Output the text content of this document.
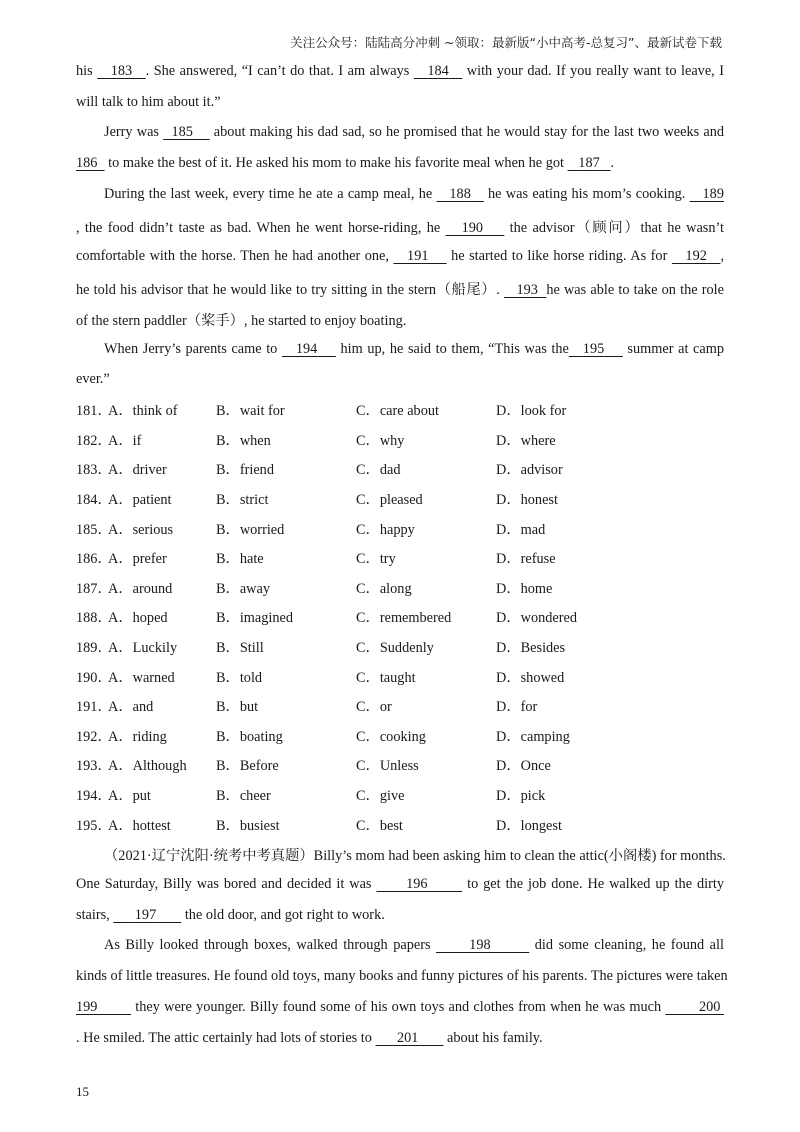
关注公众号：陆陆高分冲刺 ~领取：最新版“小中高考-总复习”、最新试卷下载
his    183 . She answered, “I can’t do that. I am always    184    with your dad. If you really want to leave, I
will talk to him about it.”
Jerry was   185     about making his dad sad, so he promised that he would stay for the last two weeks and
186   to make the best of it. He asked his mom to make his favorite meal when he got    187 .
During the last week, every time he ate a camp meal, he    188    he was eating his mom’s cooking.    189
, the food didn’t taste as bad. When he went horse-riding, he    190     the advisor（顾问）that he wasn’t
comfortable with the horse. Then he had another one,    191     he started to like horse riding. As for    192 ,
he told his advisor that he would like to try sitting in the stern（船尾）.    193 he was able to take on the role
of the stern paddler（桨手）, he started to enjoy boating.
When Jerry’s parents came to    194     him up, he said to them, “This was the 195     summer at camp
ever.”
181．
A．think of	B．wait for	C．care about	D．look for
182．
A．if	B．when	C．why	D．where
183．
A．driver	B．friend	C．dad	D．advisor
184．
A．patient	B．strict	C．pleased	D．honest
185．
A．serious	B．worried	C．happy	D．mad
186．
A．prefer	B．hate	C．try	D．refuse
187．
A．around	B．away	C．along	D．home
188．
A．hoped	B．imagined	C．remembered	D．wondered
189．
A．Luckily	B．Still	C．Suddenly	D．Besides
190．
A．warned	B．told	C．taught	D．showed
191．
A．and	B．but	C．or	D．for
192．
A．riding	B．boating	C．cooking	D．camping
193．
A．Although B．Before	C．Unless	D．Once
194．
A．put	B．cheer	C．give	D．pick
195．
A．hottest	B．busiest	C．best	D．longest
（2021·辽宁沈阳·统考中考真题）Billy’s mom had been asking him to clean the attic(小阁楼) for months.
One Saturday, Billy was bored and decided it was       196        to get the job done. He walked up the dirty
stairs,       197        the old door, and got right to work.
As Billy looked through boxes, walked through papers       198	did some cleaning, he found all
kinds of little treasures. He found old toys, many books and funny pictures of his parents. The pictures were taken
199         they were younger. Billy found some of his own toys and clothes from when he was much         200
. He smiled. The attic certainly had lots of stories to       201        about his family.
15
